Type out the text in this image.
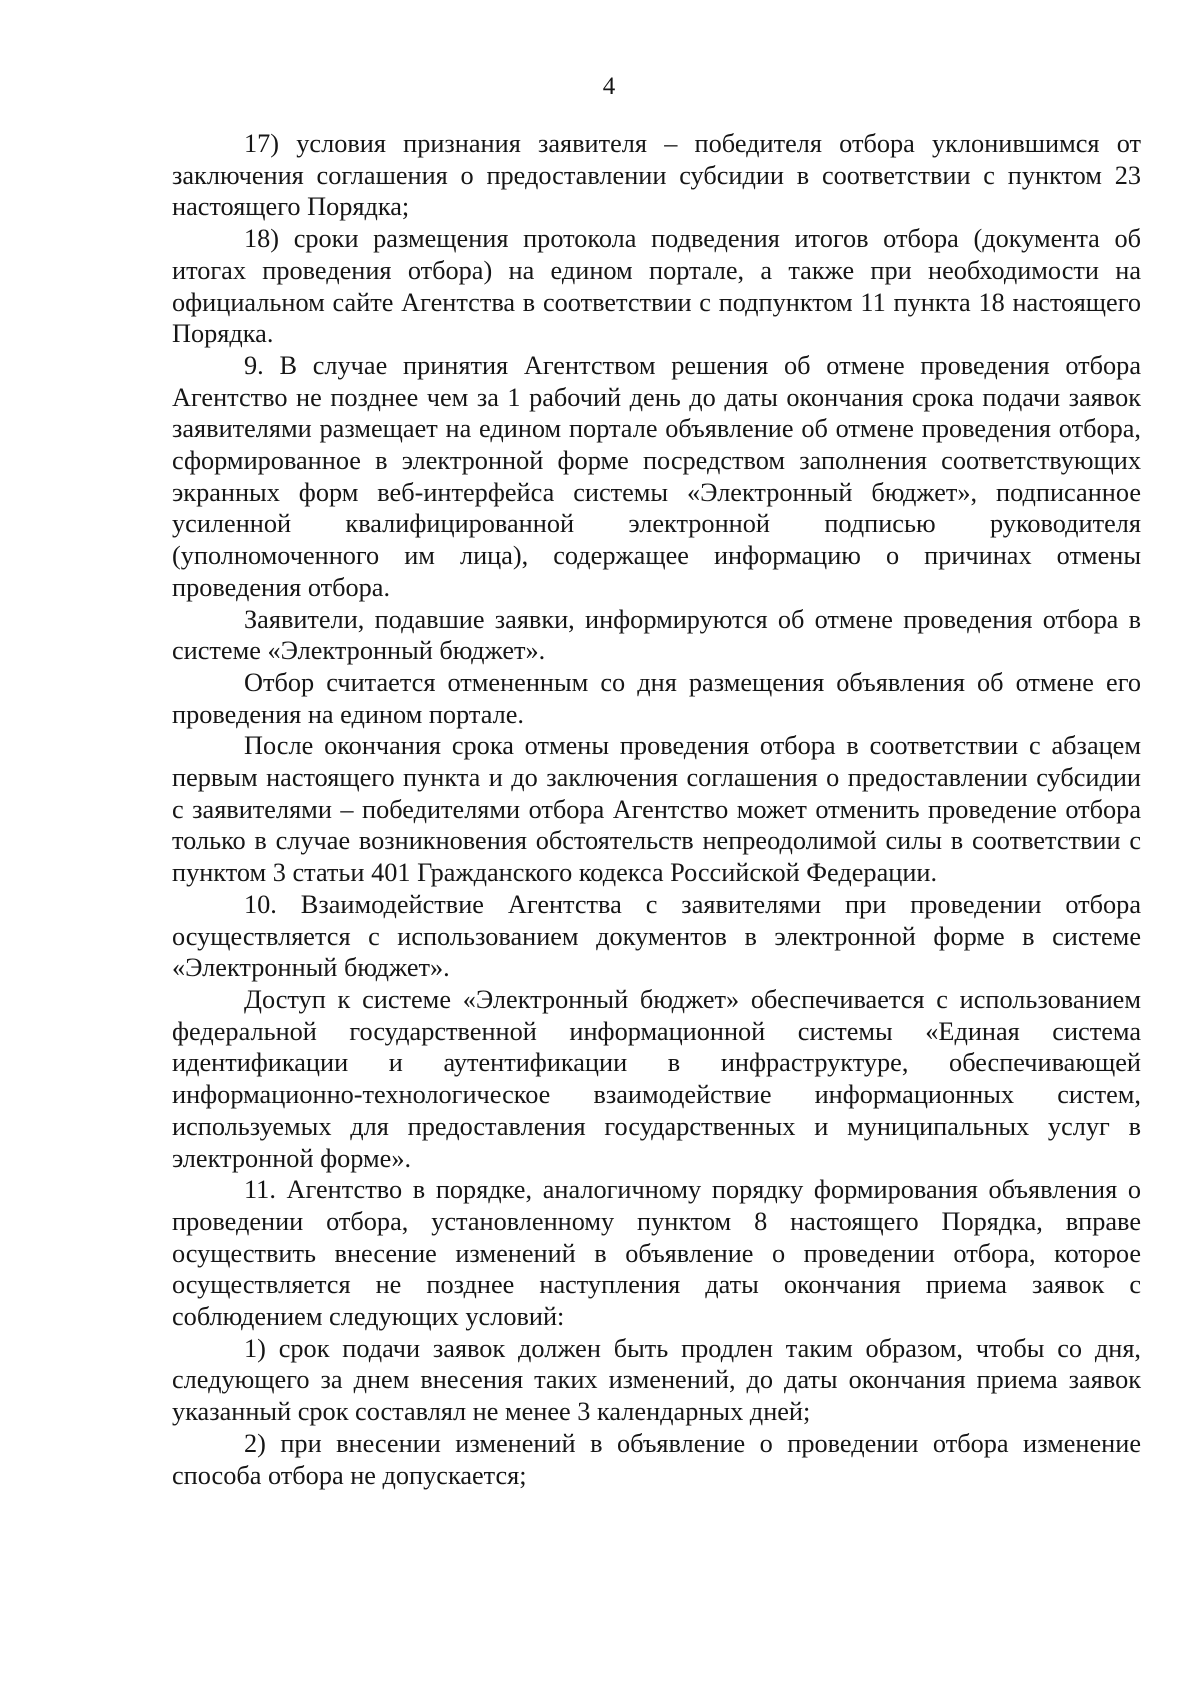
4

17) условия признания заявителя – победителя отбора уклонившимся от заключения соглашения о предоставлении субсидии в соответствии с пунктом 23 настоящего Порядка;

18) сроки размещения протокола подведения итогов отбора (документа об итогах проведения отбора) на едином портале, а также при необходимости на официальном сайте Агентства в соответствии с подпунктом 11 пункта 18 настоящего Порядка.

9. В случае принятия Агентством решения об отмене проведения отбора Агентство не позднее чем за 1 рабочий день до даты окончания срока подачи заявок заявителями размещает на едином портале объявление об отмене проведения отбора, сформированное в электронной форме посредством заполнения соответствующих экранных форм веб-интерфейса системы «Электронный бюджет», подписанное усиленной квалифицированной электронной подписью руководителя (уполномоченного им лица), содержащее информацию о причинах отмены проведения отбора.

Заявители, подавшие заявки, информируются об отмене проведения отбора в системе «Электронный бюджет».

Отбор считается отмененным со дня размещения объявления об отмене его проведения на едином портале.

После окончания срока отмены проведения отбора в соответствии с абзацем первым настоящего пункта и до заключения соглашения о предоставлении субсидии с заявителями – победителями отбора Агентство может отменить проведение отбора только в случае возникновения обстоятельств непреодолимой силы в соответствии с пунктом 3 статьи 401 Гражданского кодекса Российской Федерации.

10. Взаимодействие Агентства с заявителями при проведении отбора осуществляется с использованием документов в электронной форме в системе «Электронный бюджет».

Доступ к системе «Электронный бюджет» обеспечивается с использованием федеральной государственной информационной системы «Единая система идентификации и аутентификации в инфраструктуре, обеспечивающей информационно-технологическое взаимодействие информационных систем, используемых для предоставления государственных и муниципальных услуг в электронной форме».

11. Агентство в порядке, аналогичному порядку формирования объявления о проведении отбора, установленному пунктом 8 настоящего Порядка, вправе осуществить внесение изменений в объявление о проведении отбора, которое осуществляется не позднее наступления даты окончания приема заявок с соблюдением следующих условий:

1) срок подачи заявок должен быть продлен таким образом, чтобы со дня, следующего за днем внесения таких изменений, до даты окончания приема заявок указанный срок составлял не менее 3 календарных дней;

2) при внесении изменений в объявление о проведении отбора изменение способа отбора не допускается;
